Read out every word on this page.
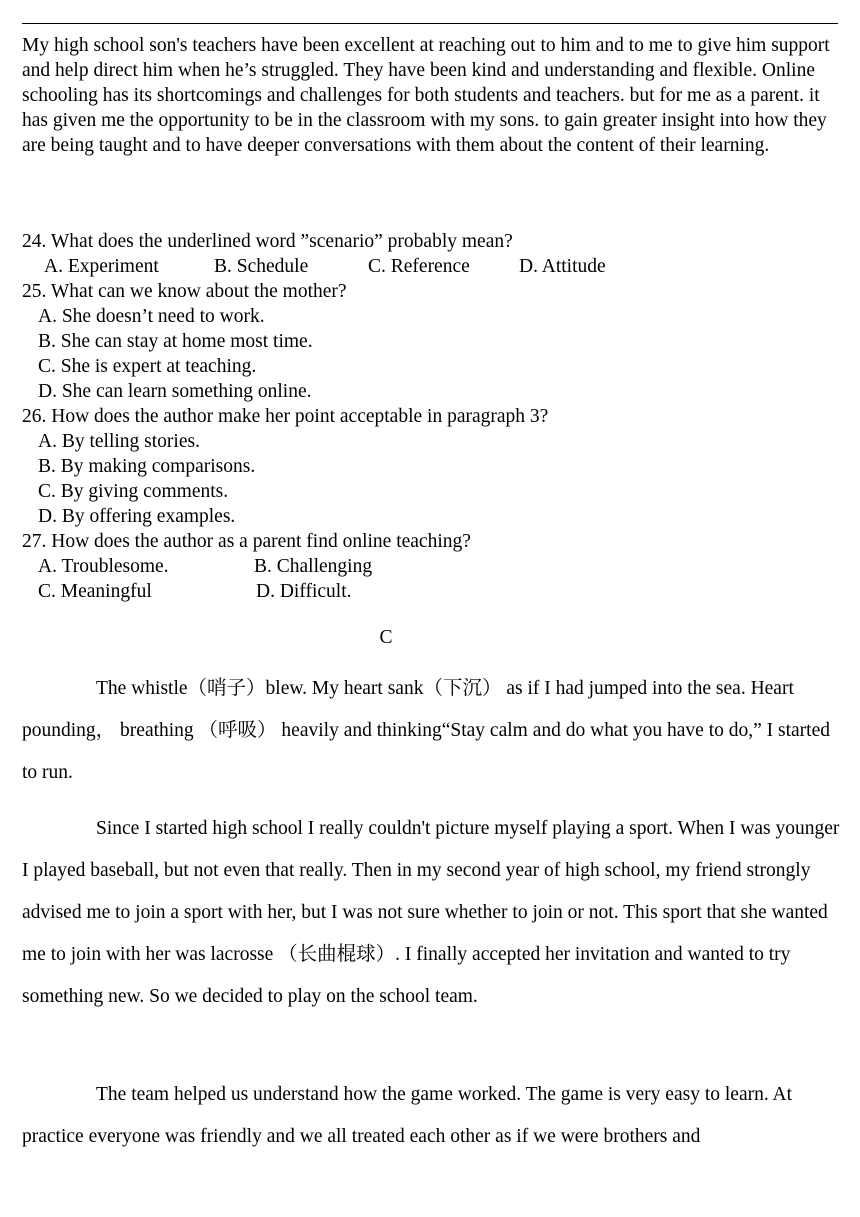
My high school son's teachers have been excellent at reaching out to him and to me to give him support and help direct him when he’s struggled. They have been kind and understanding and flexible. Online schooling has its shortcomings and challenges for both students and teachers. but for me as a parent. it has given me the opportunity to be in the classroom with my sons. to gain greater insight into how they are being taught and to have deeper conversations with them about the content of their learning.

24. What does the underlined word ”scenario” probably mean?
A. Experiment	B. Schedule	C. Reference	D. Attitude
25. What can we know about the mother?
A. She doesn’t need to work.
B. She can stay at home most time.
C. She is expert at teaching.
D. She can learn something online.
26. How does the author make her point acceptable in paragraph 3?
A. By telling stories.
B. By making comparisons.
C. By giving comments.
D. By offering examples.
27. How does the author as a parent find online teaching?
A. Troublesome.	B. Challenging
C. Meaningful	D. Difficult.
C

The whistle（哨子）blew. My heart sank（下沉） as if I had jumped into the sea. Heart pounding， breathing （呼吸） heavily and thinking“Stay calm and do what you have to do,” I started to run.

Since I started high school I really couldn't picture myself playing a sport. When I was younger I played baseball, but not even that really. Then in my second year of high school, my friend strongly advised me to join a sport with her, but I was not sure whether to join or not. This sport that she wanted me to join with her was lacrosse （长曲棍球）. I finally accepted her invitation and wanted to try something new. So we decided to play on the school team.

The team helped us understand how the game worked. The game is very easy to learn. At practice everyone was friendly and we all treated each other as if we were brothers and
